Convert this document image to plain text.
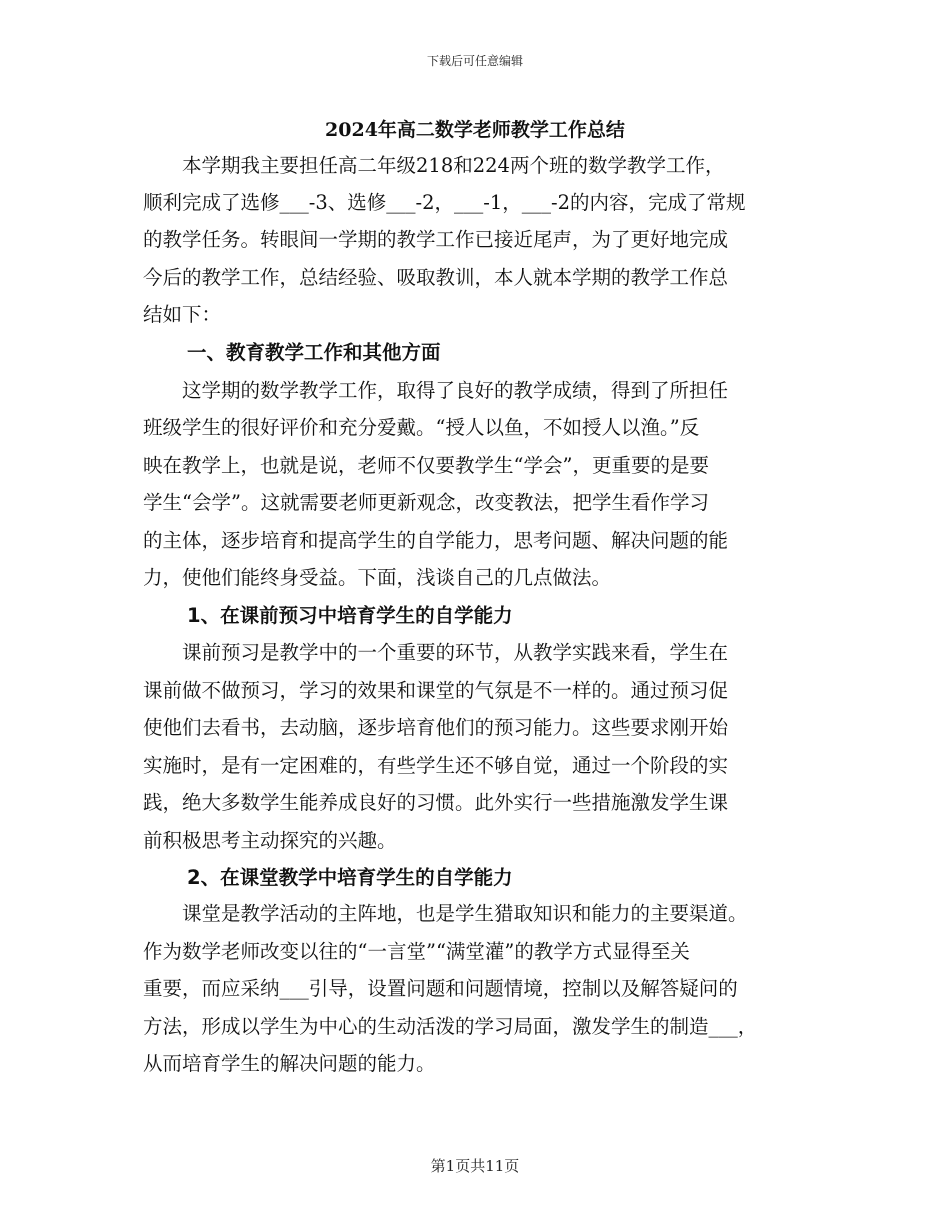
下载后可任意编辑
2024年高二数学老师教学工作总结
　　本学期我主要担任高二年级218和224两个班的数学教学工作，
顺利完成了选修___-3、选修___-2，___-1，___-2的内容，完成了常规
的教学任务。转眼间一学期的教学工作已接近尾声，为了更好地完成
今后的教学工作，总结经验、吸取教训，本人就本学期的教学工作总
结如下：
一、教育教学工作和其他方面
　　这学期的数学教学工作，取得了良好的教学成绩，得到了所担任
班级学生的很好评价和充分爱戴。“授人以鱼，不如授人以渔。”反
映在教学上，也就是说，老师不仅要教学生“学会”，更重要的是要
学生“会学”。这就需要老师更新观念，改变教法，把学生看作学习
的主体，逐步培育和提高学生的自学能力，思考问题、解决问题的能
力，使他们能终身受益。下面，浅谈自己的几点做法。
1、在课前预习中培育学生的自学能力
　　课前预习是教学中的一个重要的环节，从教学实践来看，学生在
课前做不做预习，学习的效果和课堂的气氛是不一样的。通过预习促
使他们去看书，去动脑，逐步培育他们的预习能力。这些要求刚开始
实施时，是有一定困难的，有些学生还不够自觉，通过一个阶段的实
践，绝大多数学生能养成良好的习惯。此外实行一些措施激发学生课
前积极思考主动探究的兴趣。
2、在课堂教学中培育学生的自学能力
　　课堂是教学活动的主阵地，也是学生猎取知识和能力的主要渠道。
作为数学老师改变以往的“一言堂”“满堂灌”的教学方式显得至关
重要，而应采纳___引导，设置问题和问题情境，控制以及解答疑问的
方法，形成以学生为中心的生动活泼的学习局面，激发学生的制造___，
从而培育学生的解决问题的能力。
第1页共11页
